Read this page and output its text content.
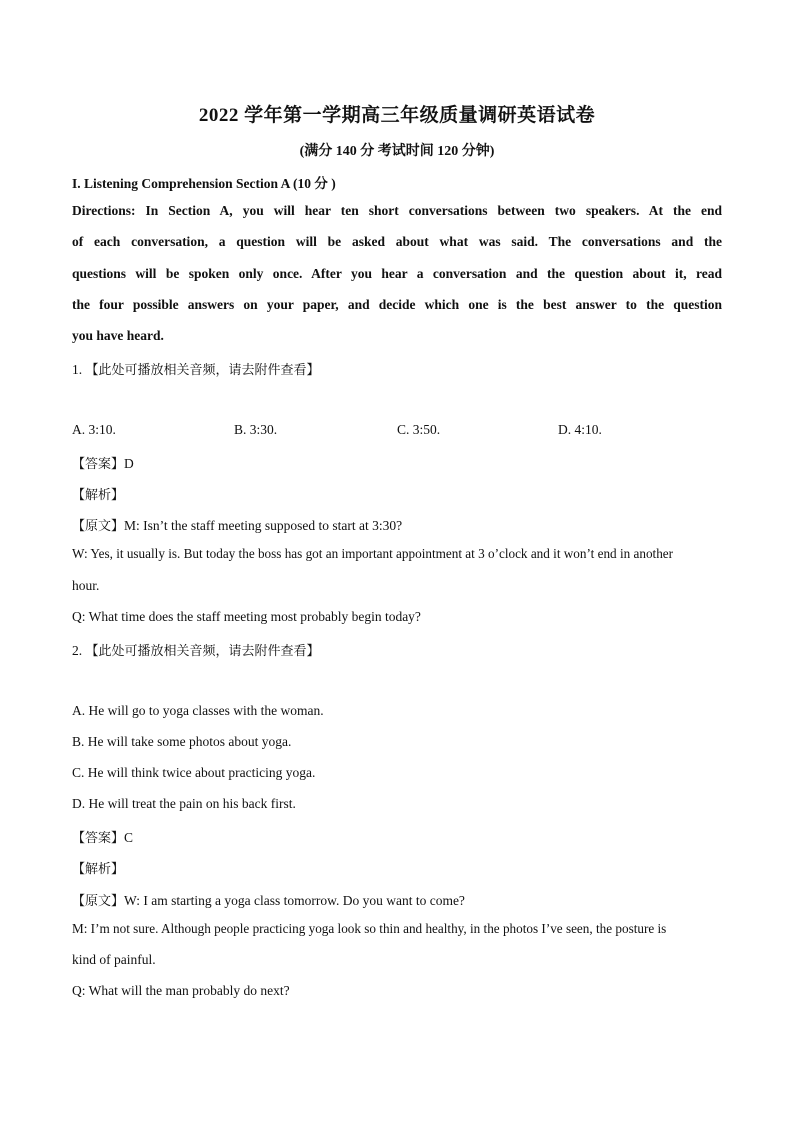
2022 学年第一学期高三年级质量调研英语试卷
(满分 140 分 考试时间 120 分钟)
I. Listening Comprehension Section A (10 分 )
Directions: In Section A, you will hear ten short conversations between two speakers. At the end
of each conversation, a question will be asked about what was said. The conversations and the
questions will be spoken only once. After you hear a conversation and the question about it, read
the four possible answers on your paper, and decide which one is the best answer to the question
you have heard.
1. 【此处可播放相关音频，请去附件查看】
A. 3:10.	B. 3:30.	C. 3:50.	D. 4:10.
【答案】D
【解析】
【原文】M: Isn’t the staff meeting supposed to start at 3:30?
W: Yes, it usually is. But today the boss has got an important appointment at 3 o’clock and it won’t end in another
hour.
Q: What time does the staff meeting most probably begin today?
2. 【此处可播放相关音频，请去附件查看】
A. He will go to yoga classes with the woman.
B. He will take some photos about yoga.
C. He will think twice about practicing yoga.
D. He will treat the pain on his back first.
【答案】C
【解析】
【原文】W: I am starting a yoga class tomorrow. Do you want to come?
M: I’m not sure. Although people practicing yoga look so thin and healthy, in the photos I’ve seen, the posture is
kind of painful.
Q: What will the man probably do next?
